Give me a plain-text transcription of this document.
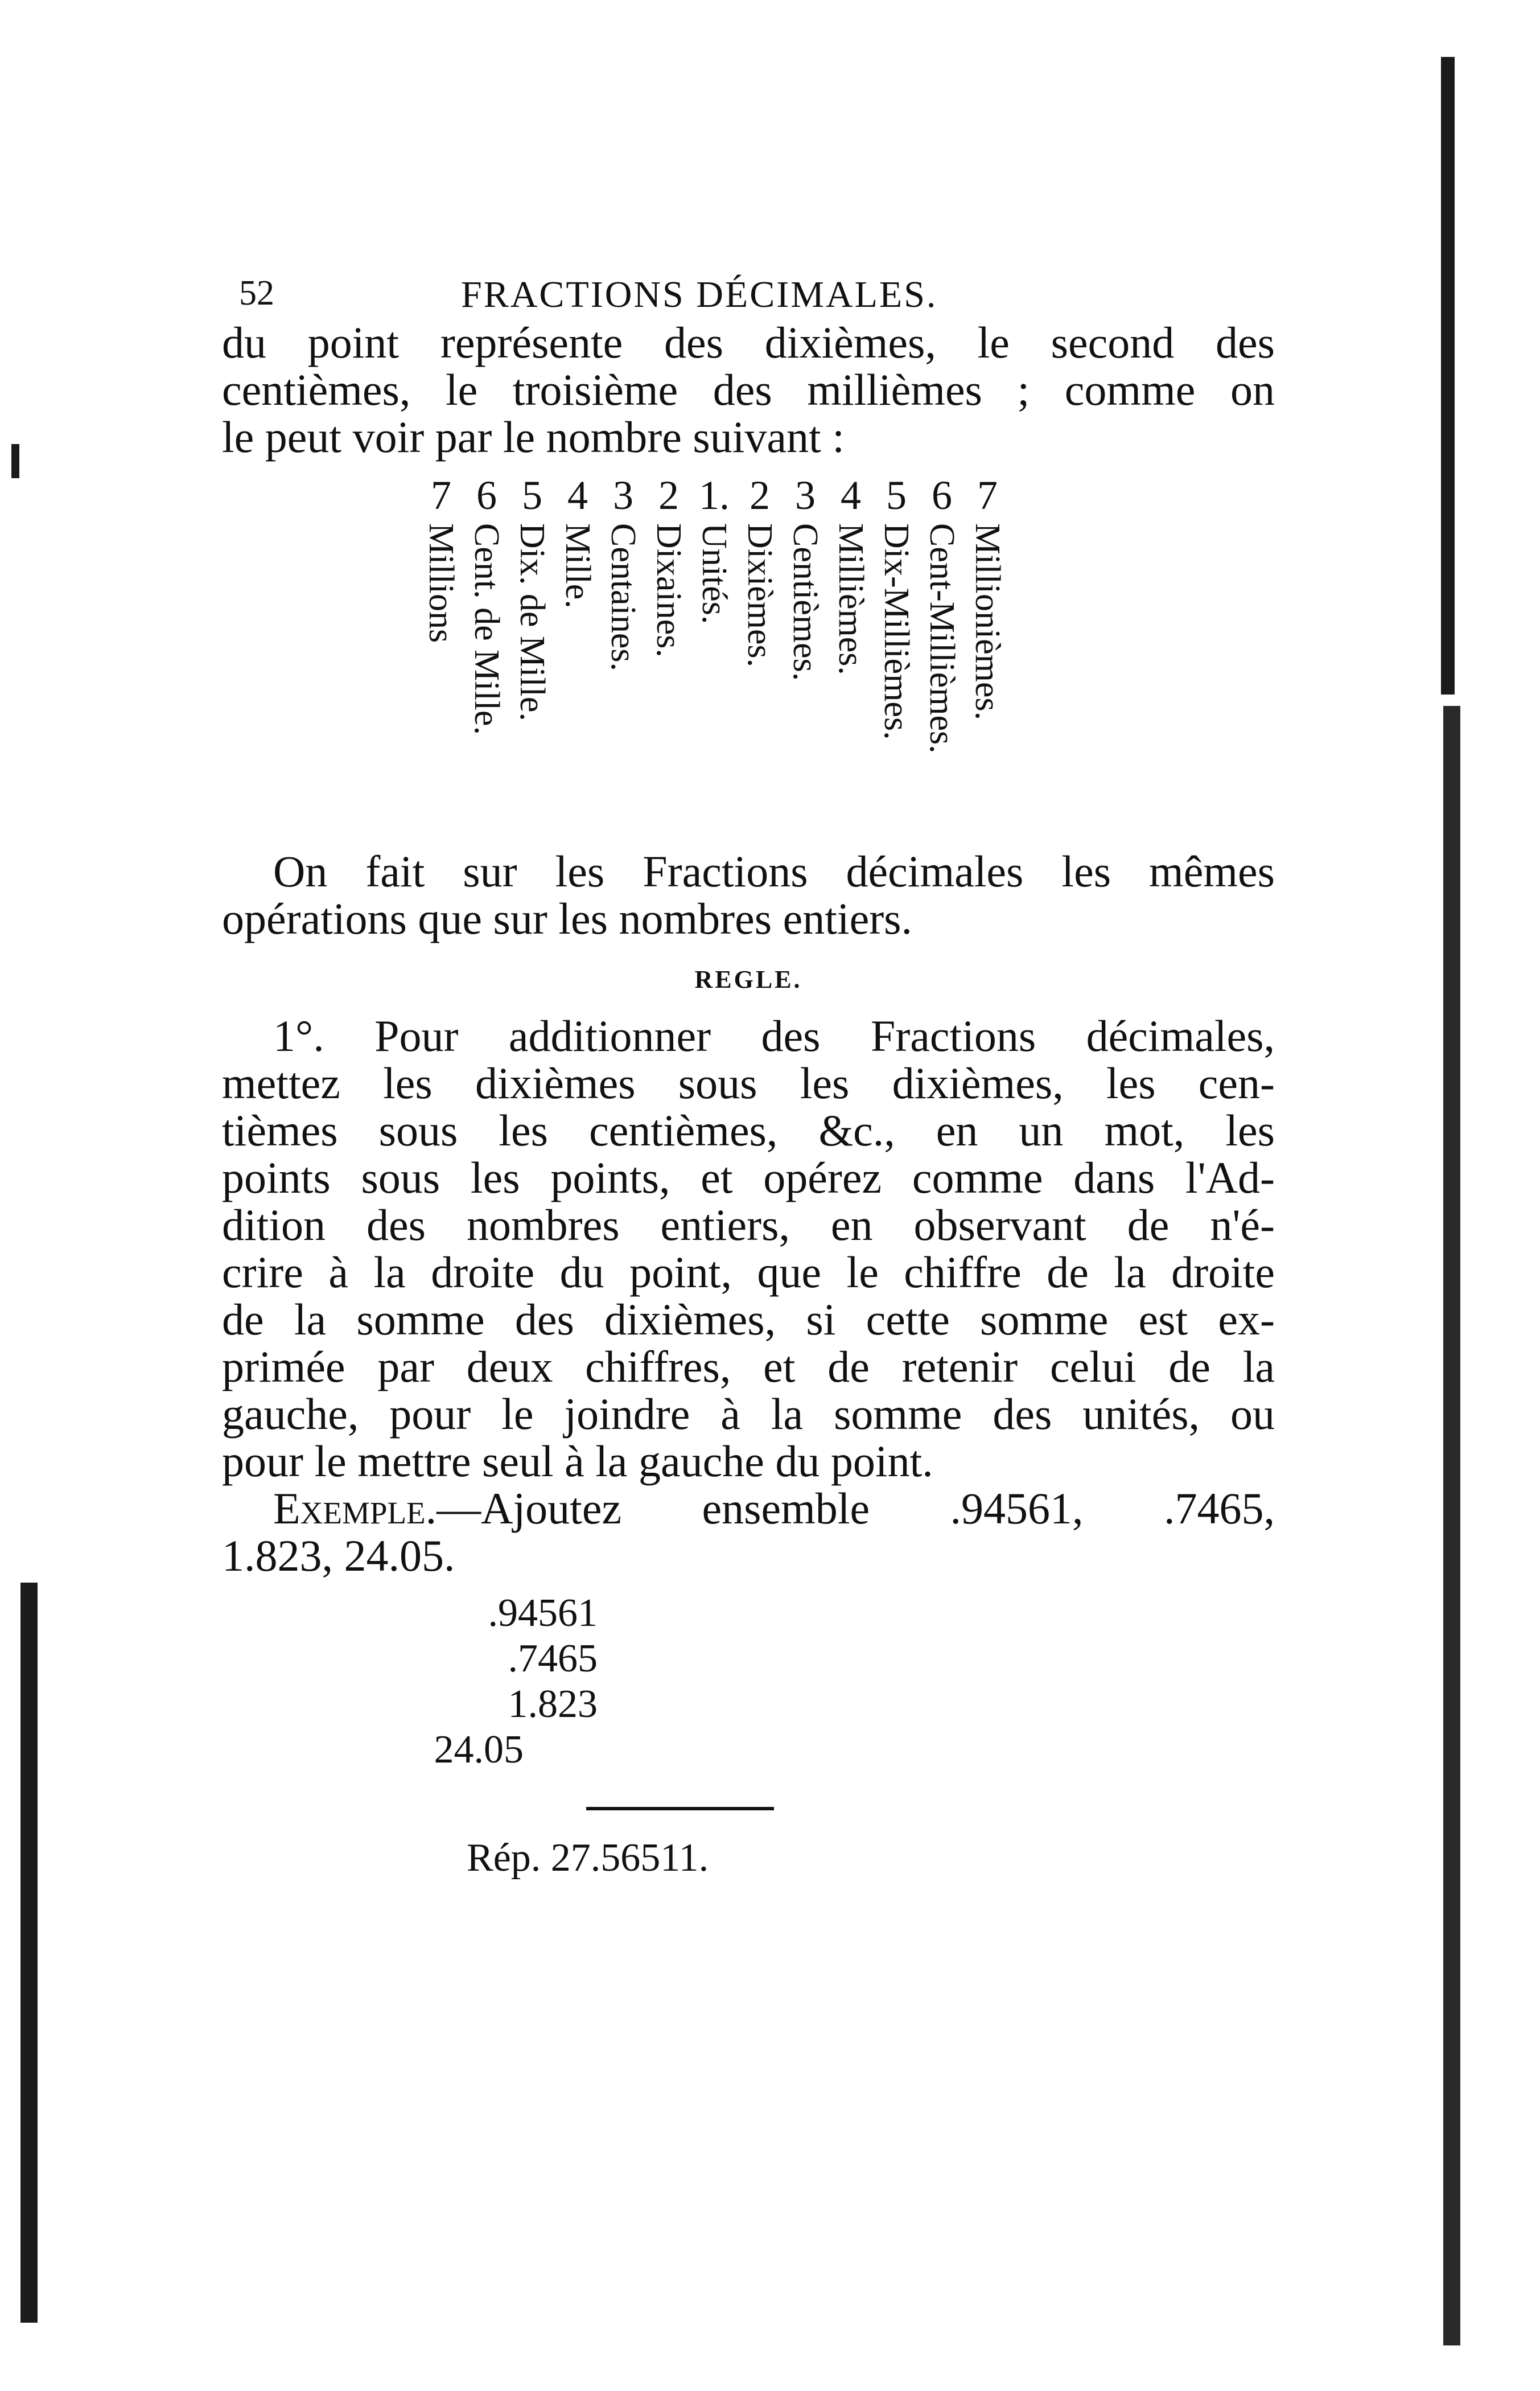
52	FRACTIONS DÉCIMALES.

du point représente des dixièmes, le second des
centièmes, le troisième des millièmes ; comme on
le peut voir par le nombre suivant :

7 6 5 4 3 2 1. 2 3 4 5 6 7
Millions Cent. de Mille. Dix. de Mille. Mille. Centaines. Dixaines. Unités. Dixièmes. Centièmes. Millièmes. Dix-Millièmes. Cent-Millièmes. Millionièmes.

On fait sur les Fractions décimales les mêmes
opérations que sur les nombres entiers.

REGLE.

1°. Pour additionner des Fractions décimales,
mettez les dixièmes sous les dixièmes, les cen-
tièmes sous les centièmes, &c., en un mot, les
points sous les points, et opérez comme dans l'Ad-
dition des nombres entiers, en observant de n'é-
crire à la droite du point, que le chiffre de la droite
de la somme des dixièmes, si cette somme est ex-
primée par deux chiffres, et de retenir celui de la
gauche, pour le joindre à la somme des unités, ou
pour le mettre seul à la gauche du point.

Exemple.—Ajoutez ensemble .94561, .7465,
1.823, 24.05.

.94561
.7465
1.823
24.05
Rép. 27.56511.
